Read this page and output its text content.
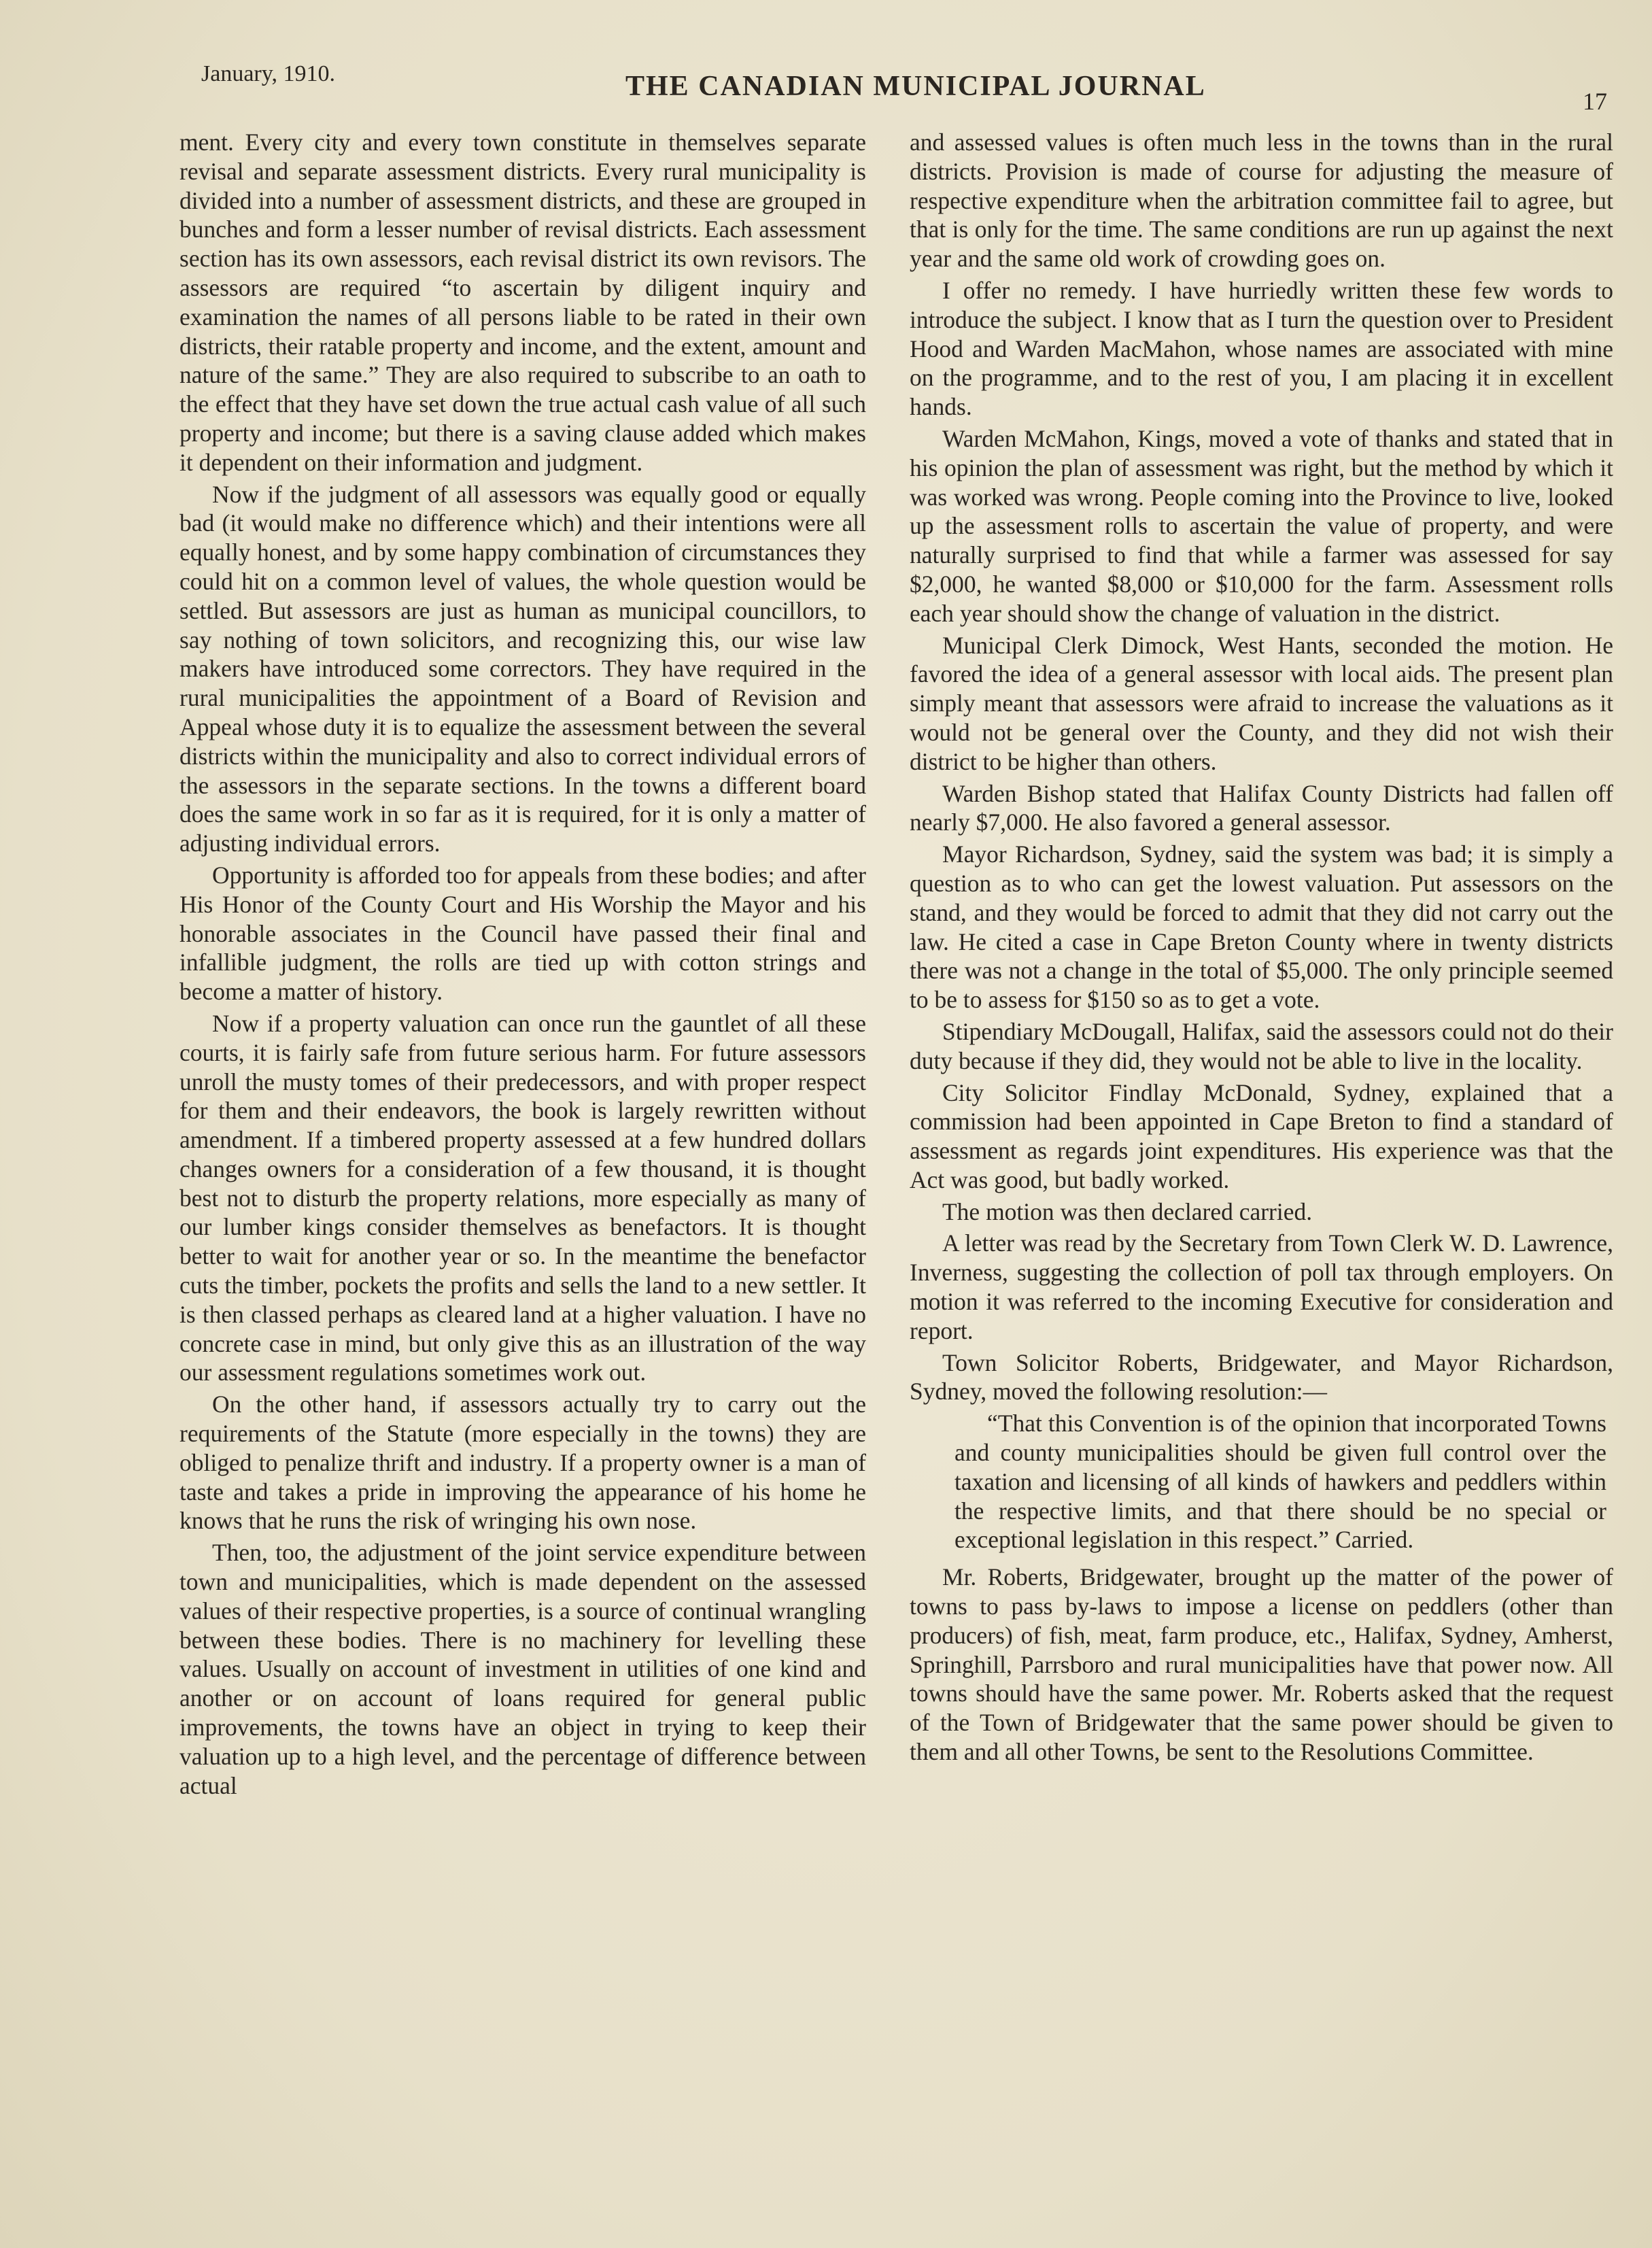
January, 1910.	THE CANADIAN MUNICIPAL JOURNAL	17

ment. Every city and every town constitute in themselves separate revisal and separate assessment districts. Every rural municipality is divided into a number of assessment districts, and these are grouped in bunches and form a lesser number of revisal districts. Each assessment section has its own assessors, each revisal district its own revisors. The assessors are required “to ascertain by diligent inquiry and examination the names of all persons liable to be rated in their own districts, their ratable property and income, and the extent, amount and nature of the same.” They are also required to subscribe to an oath to the effect that they have set down the true actual cash value of all such property and income; but there is a saving clause added which makes it dependent on their information and judgment.

Now if the judgment of all assessors was equally good or equally bad (it would make no difference which) and their intentions were all equally honest, and by some happy combination of circumstances they could hit on a common level of values, the whole question would be settled. But assessors are just as human as municipal councillors, to say nothing of town solicitors, and recognizing this, our wise law makers have introduced some correctors. They have required in the rural municipalities the appointment of a Board of Revision and Appeal whose duty it is to equalize the assessment between the several districts within the municipality and also to correct individual errors of the assessors in the separate sections. In the towns a different board does the same work in so far as it is required, for it is only a matter of adjusting individual errors.

Opportunity is afforded too for appeals from these bodies; and after His Honor of the County Court and His Worship the Mayor and his honorable associates in the Council have passed their final and infallible judgment, the rolls are tied up with cotton strings and become a matter of history.

Now if a property valuation can once run the gauntlet of all these courts, it is fairly safe from future serious harm. For future assessors unroll the musty tomes of their predecessors, and with proper respect for them and their endeavors, the book is largely rewritten without amendment. If a timbered property assessed at a few hundred dollars changes owners for a consideration of a few thousand, it is thought best not to disturb the property relations, more especially as many of our lumber kings consider themselves as benefactors. It is thought better to wait for another year or so. In the meantime the benefactor cuts the timber, pockets the profits and sells the land to a new settler. It is then classed perhaps as cleared land at a higher valuation. I have no concrete case in mind, but only give this as an illustration of the way our assessment regulations sometimes work out.

On the other hand, if assessors actually try to carry out the requirements of the Statute (more especially in the towns) they are obliged to penalize thrift and industry. If a property owner is a man of taste and takes a pride in improving the appearance of his home he knows that he runs the risk of wringing his own nose.

Then, too, the adjustment of the joint service expenditure between town and municipalities, which is made dependent on the assessed values of their respective properties, is a source of continual wrangling between these bodies. There is no machinery for levelling these values. Usually on account of investment in utilities of one kind and another or on account of loans required for general public improvements, the towns have an object in trying to keep their valuation up to a high level, and the percentage of difference between actual

and assessed values is often much less in the towns than in the rural districts. Provision is made of course for adjusting the measure of respective expenditure when the arbitration committee fail to agree, but that is only for the time. The same conditions are run up against the next year and the same old work of crowding goes on.

I offer no remedy. I have hurriedly written these few words to introduce the subject. I know that as I turn the question over to President Hood and Warden MacMahon, whose names are associated with mine on the programme, and to the rest of you, I am placing it in excellent hands.

Warden McMahon, Kings, moved a vote of thanks and stated that in his opinion the plan of assessment was right, but the method by which it was worked was wrong. People coming into the Province to live, looked up the assessment rolls to ascertain the value of property, and were naturally surprised to find that while a farmer was assessed for say $2,000, he wanted $8,000 or $10,000 for the farm. Assessment rolls each year should show the change of valuation in the district.

Municipal Clerk Dimock, West Hants, seconded the motion. He favored the idea of a general assessor with local aids. The present plan simply meant that assessors were afraid to increase the valuations as it would not be general over the County, and they did not wish their district to be higher than others.

Warden Bishop stated that Halifax County Districts had fallen off nearly $7,000. He also favored a general assessor.

Mayor Richardson, Sydney, said the system was bad; it is simply a question as to who can get the lowest valuation. Put assessors on the stand, and they would be forced to admit that they did not carry out the law. He cited a case in Cape Breton County where in twenty districts there was not a change in the total of $5,000. The only principle seemed to be to assess for $150 so as to get a vote.

Stipendiary McDougall, Halifax, said the assessors could not do their duty because if they did, they would not be able to live in the locality.

City Solicitor Findlay McDonald, Sydney, explained that a commission had been appointed in Cape Breton to find a standard of assessment as regards joint expenditures. His experience was that the Act was good, but badly worked.

The motion was then declared carried.

A letter was read by the Secretary from Town Clerk W. D. Lawrence, Inverness, suggesting the collection of poll tax through employers. On motion it was referred to the incoming Executive for consideration and report.

Town Solicitor Roberts, Bridgewater, and Mayor Richardson, Sydney, moved the following resolution:—

“That this Convention is of the opinion that incorporated Towns and county municipalities should be given full control over the taxation and licensing of all kinds of hawkers and peddlers within the respective limits, and that there should be no special or exceptional legislation in this respect.” Carried.

Mr. Roberts, Bridgewater, brought up the matter of the power of towns to pass by-laws to impose a license on peddlers (other than producers) of fish, meat, farm produce, etc., Halifax, Sydney, Amherst, Springhill, Parrsboro and rural municipalities have that power now. All towns should have the same power. Mr. Roberts asked that the request of the Town of Bridgewater that the same power should be given to them and all other Towns, be sent to the Resolutions Committee.
